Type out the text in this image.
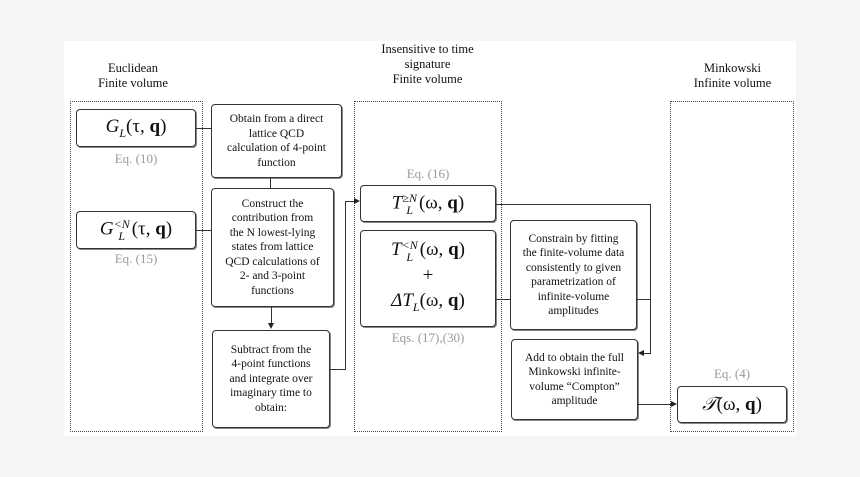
Euclidean
Finite volume
Insensitive to time
signature
Finite volume
Minkowski
Infinite volume
$G_L(\tau$, q)
Eq. (10)
G <N
L (τ, q)
Eq. (15)
Obtain from a direct
lattice QCD
calculation of 4-point
function
Construct the
contribution from
the N lowest-lying
states from lattice
QCD calculations of
2- and 3-point
functions
Subtract from the
4-point functions
and integrate over
imaginary time to
obtain:
Eq. (16)
T ≥N
L (ω, q)
T <N
L (ω, q)
+
$\Delta T_L(\omega$, q)
Eqs. (17),(30)
Constrain by fitting
the finite-volume data
consistently to given
parametrization of
infinite-volume
amplitudes
Add to obtain the full
Minkowski infinite-
volume “Compton”
amplitude
Eq. (4)
𝒯(ω, q)
